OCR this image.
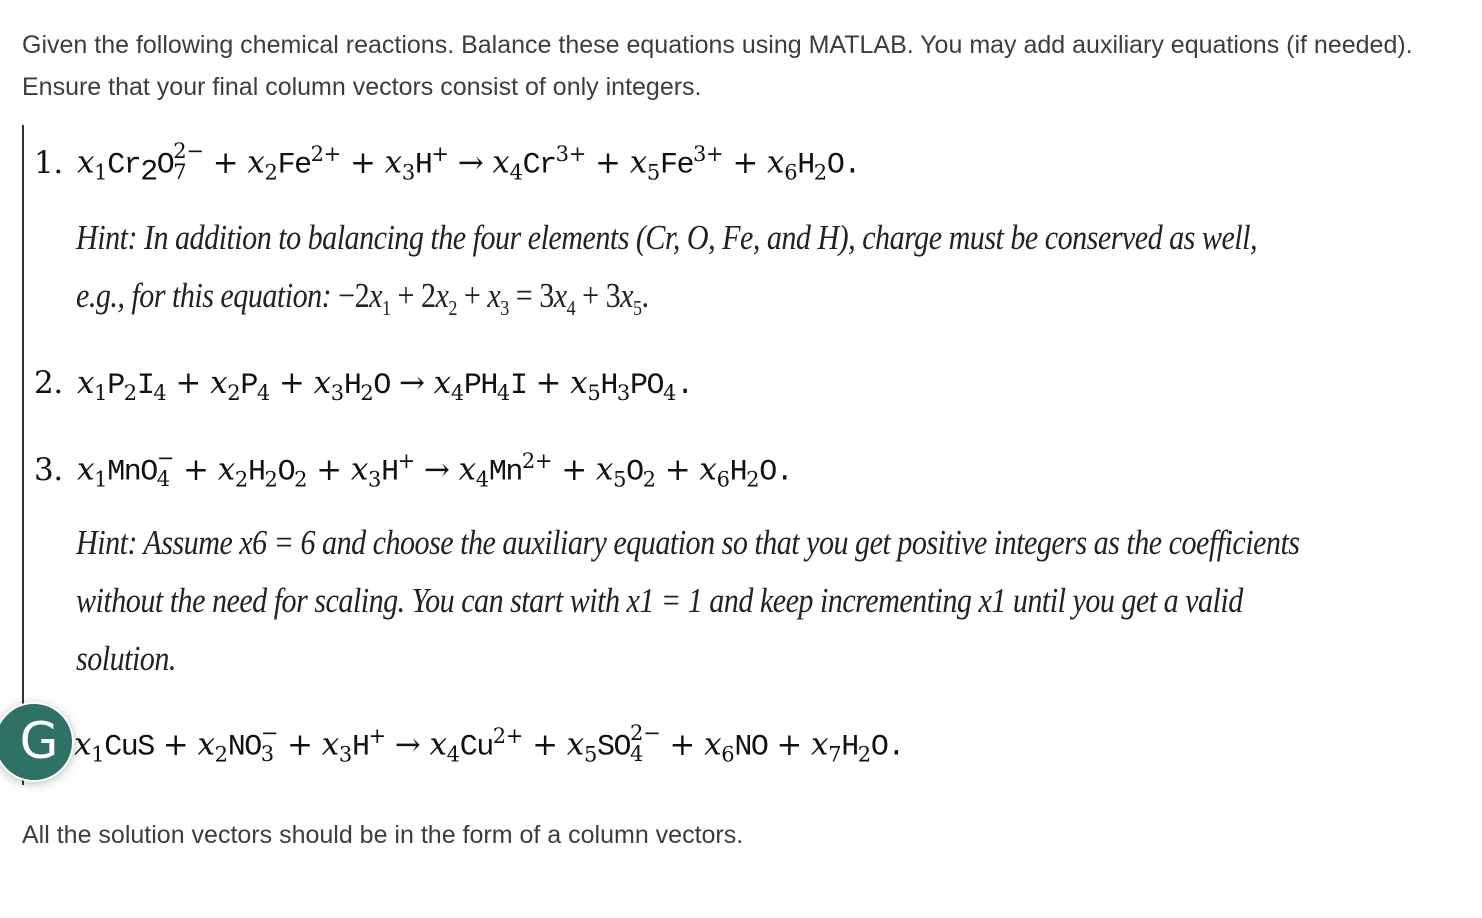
Given the following chemical reactions. Balance these equations using MATLAB. You may add auxiliary equations (if needed). Ensure that your final column vectors consist of only integers.

1. $x_1Cr_2O$ 2−
$7 + x_2Fe^{2+} + x_3H^+ \to x_4Cr^{3+} + x_5Fe^{3+} + x_6H_2O$.
Hint: In addition to balancing the four elements (Cr, O, Fe, and H), charge must be conserved as well,
e.g., for this equation: $-2x_1 + 2x_2 + x_3 = 3x_4 + 3x_5$.
2. $x_1P_2I_4 + x_2P_4 + x_3H_2O \to x_4PH_4I + x_5H_3PO_4$.
3. $x_1MnO$ −
$4 + x_2H_2O_2 + x_3H^+ \to x_4Mn^{2+} + x_5O_2 + x_6H_2O$.
Hint: Assume x6 = 6 and choose the auxiliary equation so that you get positive integers as the coefficients
without the need for scaling. You can start with x1 = 1 and keep incrementing x1 until you get a valid
solution.
$x_1CuS + x_2NO$ −
$3 + x_3H^+ \to x_4Cu^{2+} + x_5SO$ 2−
$4 + x_6NO + x_7H_2O$.
G

All the solution vectors should be in the form of a column vectors.
